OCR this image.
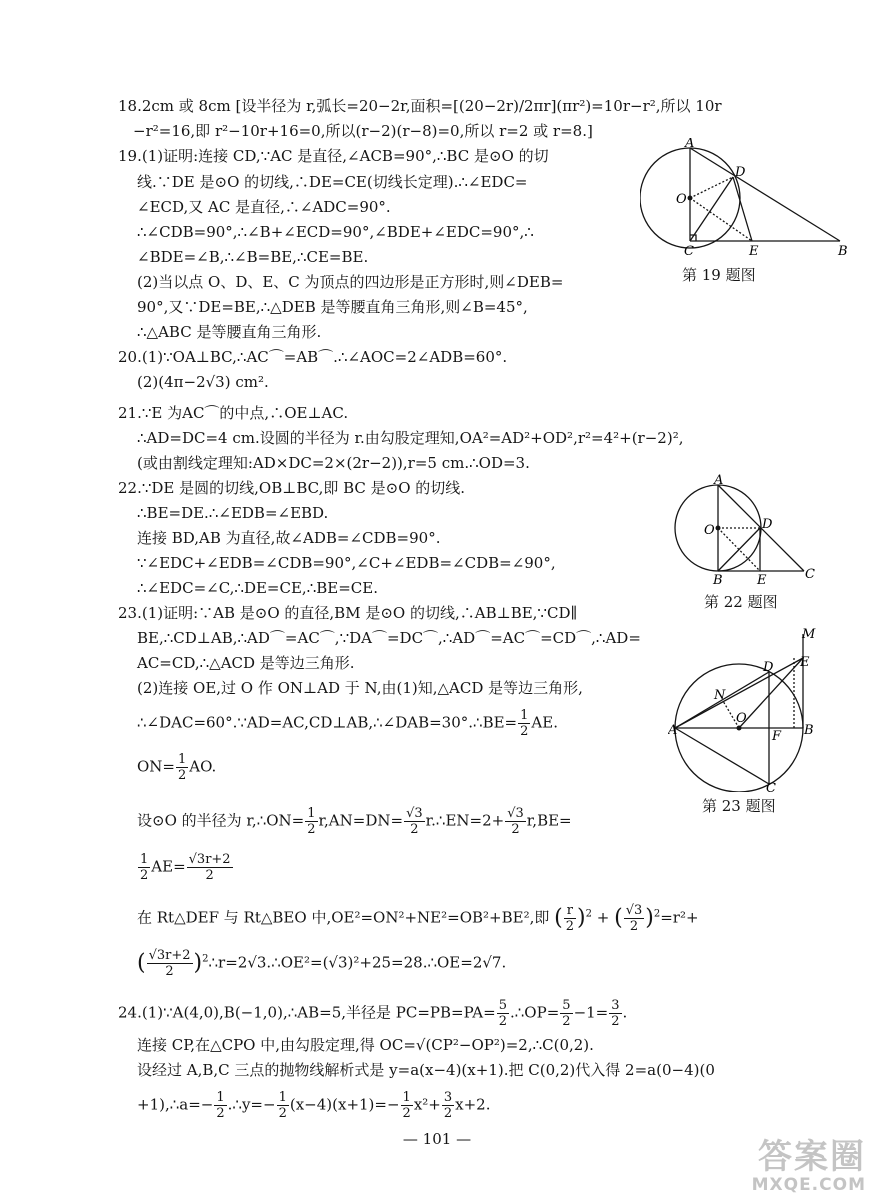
18.2cm 或 8cm [设半径为 r,弧长=20−2r,面积=[(20−2r)/2πr](πr²)=10r−r²,所以 10r
−r²=16,即 r²−10r+16=0,所以(r−2)(r−8)=0,所以 r=2 或 r=8.]
19.(1)证明:连接 CD,∵AC 是直径,∠ACB=90°,∴BC 是⊙O 的切
线.∵DE 是⊙O 的切线,∴DE=CE(切线长定理).∴∠EDC=
∠ECD,又 AC 是直径,∴∠ADC=90°.
∴∠CDB=90°,∴∠B+∠ECD=90°,∠BDE+∠EDC=90°,∴
∠BDE=∠B,∴∠B=BE,∴CE=BE.
(2)当以点 O、D、E、C 为顶点的四边形是正方形时,则∠DEB=
90°,又∵DE=BE,∴△DEB 是等腰直角三角形,则∠B=45°,
∴△ABC 是等腰直角三角形.
20.(1)∵OA⊥BC,∴AC⌒=AB⌒.∴∠AOC=2∠ADB=60°.
(2)(4π−2√3) cm².
21.∵E 为AC⌒的中点,∴OE⊥AC.
∴AD=DC=4 cm.设圆的半径为 r.由勾股定理知,OA²=AD²+OD²,r²=4²+(r−2)²,
(或由割线定理知:AD×DC=2×(2r−2)),r=5 cm.∴OD=3.
22.∵DE 是圆的切线,OB⊥BC,即 BC 是⊙O 的切线.
∴BE=DE.∴∠EDB=∠EBD.
连接 BD,AB 为直径,故∠ADB=∠CDB=90°.
∵∠EDC+∠EDB=∠CDB=90°,∠C+∠EDB=∠CDB=∠90°,
∴∠EDC=∠C,∴DE=CE,∴BE=CE.
23.(1)证明:∵AB 是⊙O 的直径,BM 是⊙O 的切线,∴AB⊥BE,∵CD∥
BE,∴CD⊥AB,∴AD⌒=AC⌒,∵DA⌒=DC⌒,∴AD⌒=AC⌒=CD⌒,∴AD=
AC=CD,∴△ACD 是等边三角形.
(2)连接 OE,过 O 作 ON⊥AD 于 N,由(1)知,△ACD 是等边三角形,
∴∠DAC=60°.∵AD=AC,CD⊥AB,∴∠DAB=30°.∴BE= $\frac{1}{2}$ AE.
$ON= \frac{1}{2}$ AO.
设⊙O 的半径为 r,∴ON= $\frac{1}{2} r,AN=DN= \frac{√3}{2}$ r.∴EN=2+ $\frac{√3}{2} r,BE=$
$\frac{1}{2} AE= \frac{√3r+2}{2}$
在 Rt△DEF 与 Rt△BEO 中,OE²=ON²+NE²=OB²+BE²,即 ( $\frac{r}{2} )^2$ + ( $\frac{√3}{2} )^2=r^2+$
( $\frac{√3r+2}{2}$ )$^2$∴r=2√3.∴OE²=(√3)²+25=28.∴OE=2√7.
24.(1)∵A(4,0),B(−1,0),∴AB=5,半径是 $PC=PB=PA= \frac{5}{2}$ .∴OP= $\frac{5}{2} -1= \frac{3}{2}$ .
连接 CP,在△CPO 中,由勾股定理,得 OC=√(CP²−OP²)=2,∴C(0,2).
设经过 A,B,C 三点的抛物线解析式是 y=a(x−4)(x+1).把 C(0,2)代入得 2=a(0−4)(0
+1),∴a=− $\frac{1}{2}$ .∴y=− $\frac{1}{2} (x-4)(x+1)=- \frac{1}{2} x^2+ \frac{3}{2} x+2$.
A
O
D
C	E	B
第 19 题图
A
O	D
B	E	C
第 22 题图
M
E
D
N
O
A	B
F
C
第 23 题图
— 101 —	答案圈
MXQE.COM
